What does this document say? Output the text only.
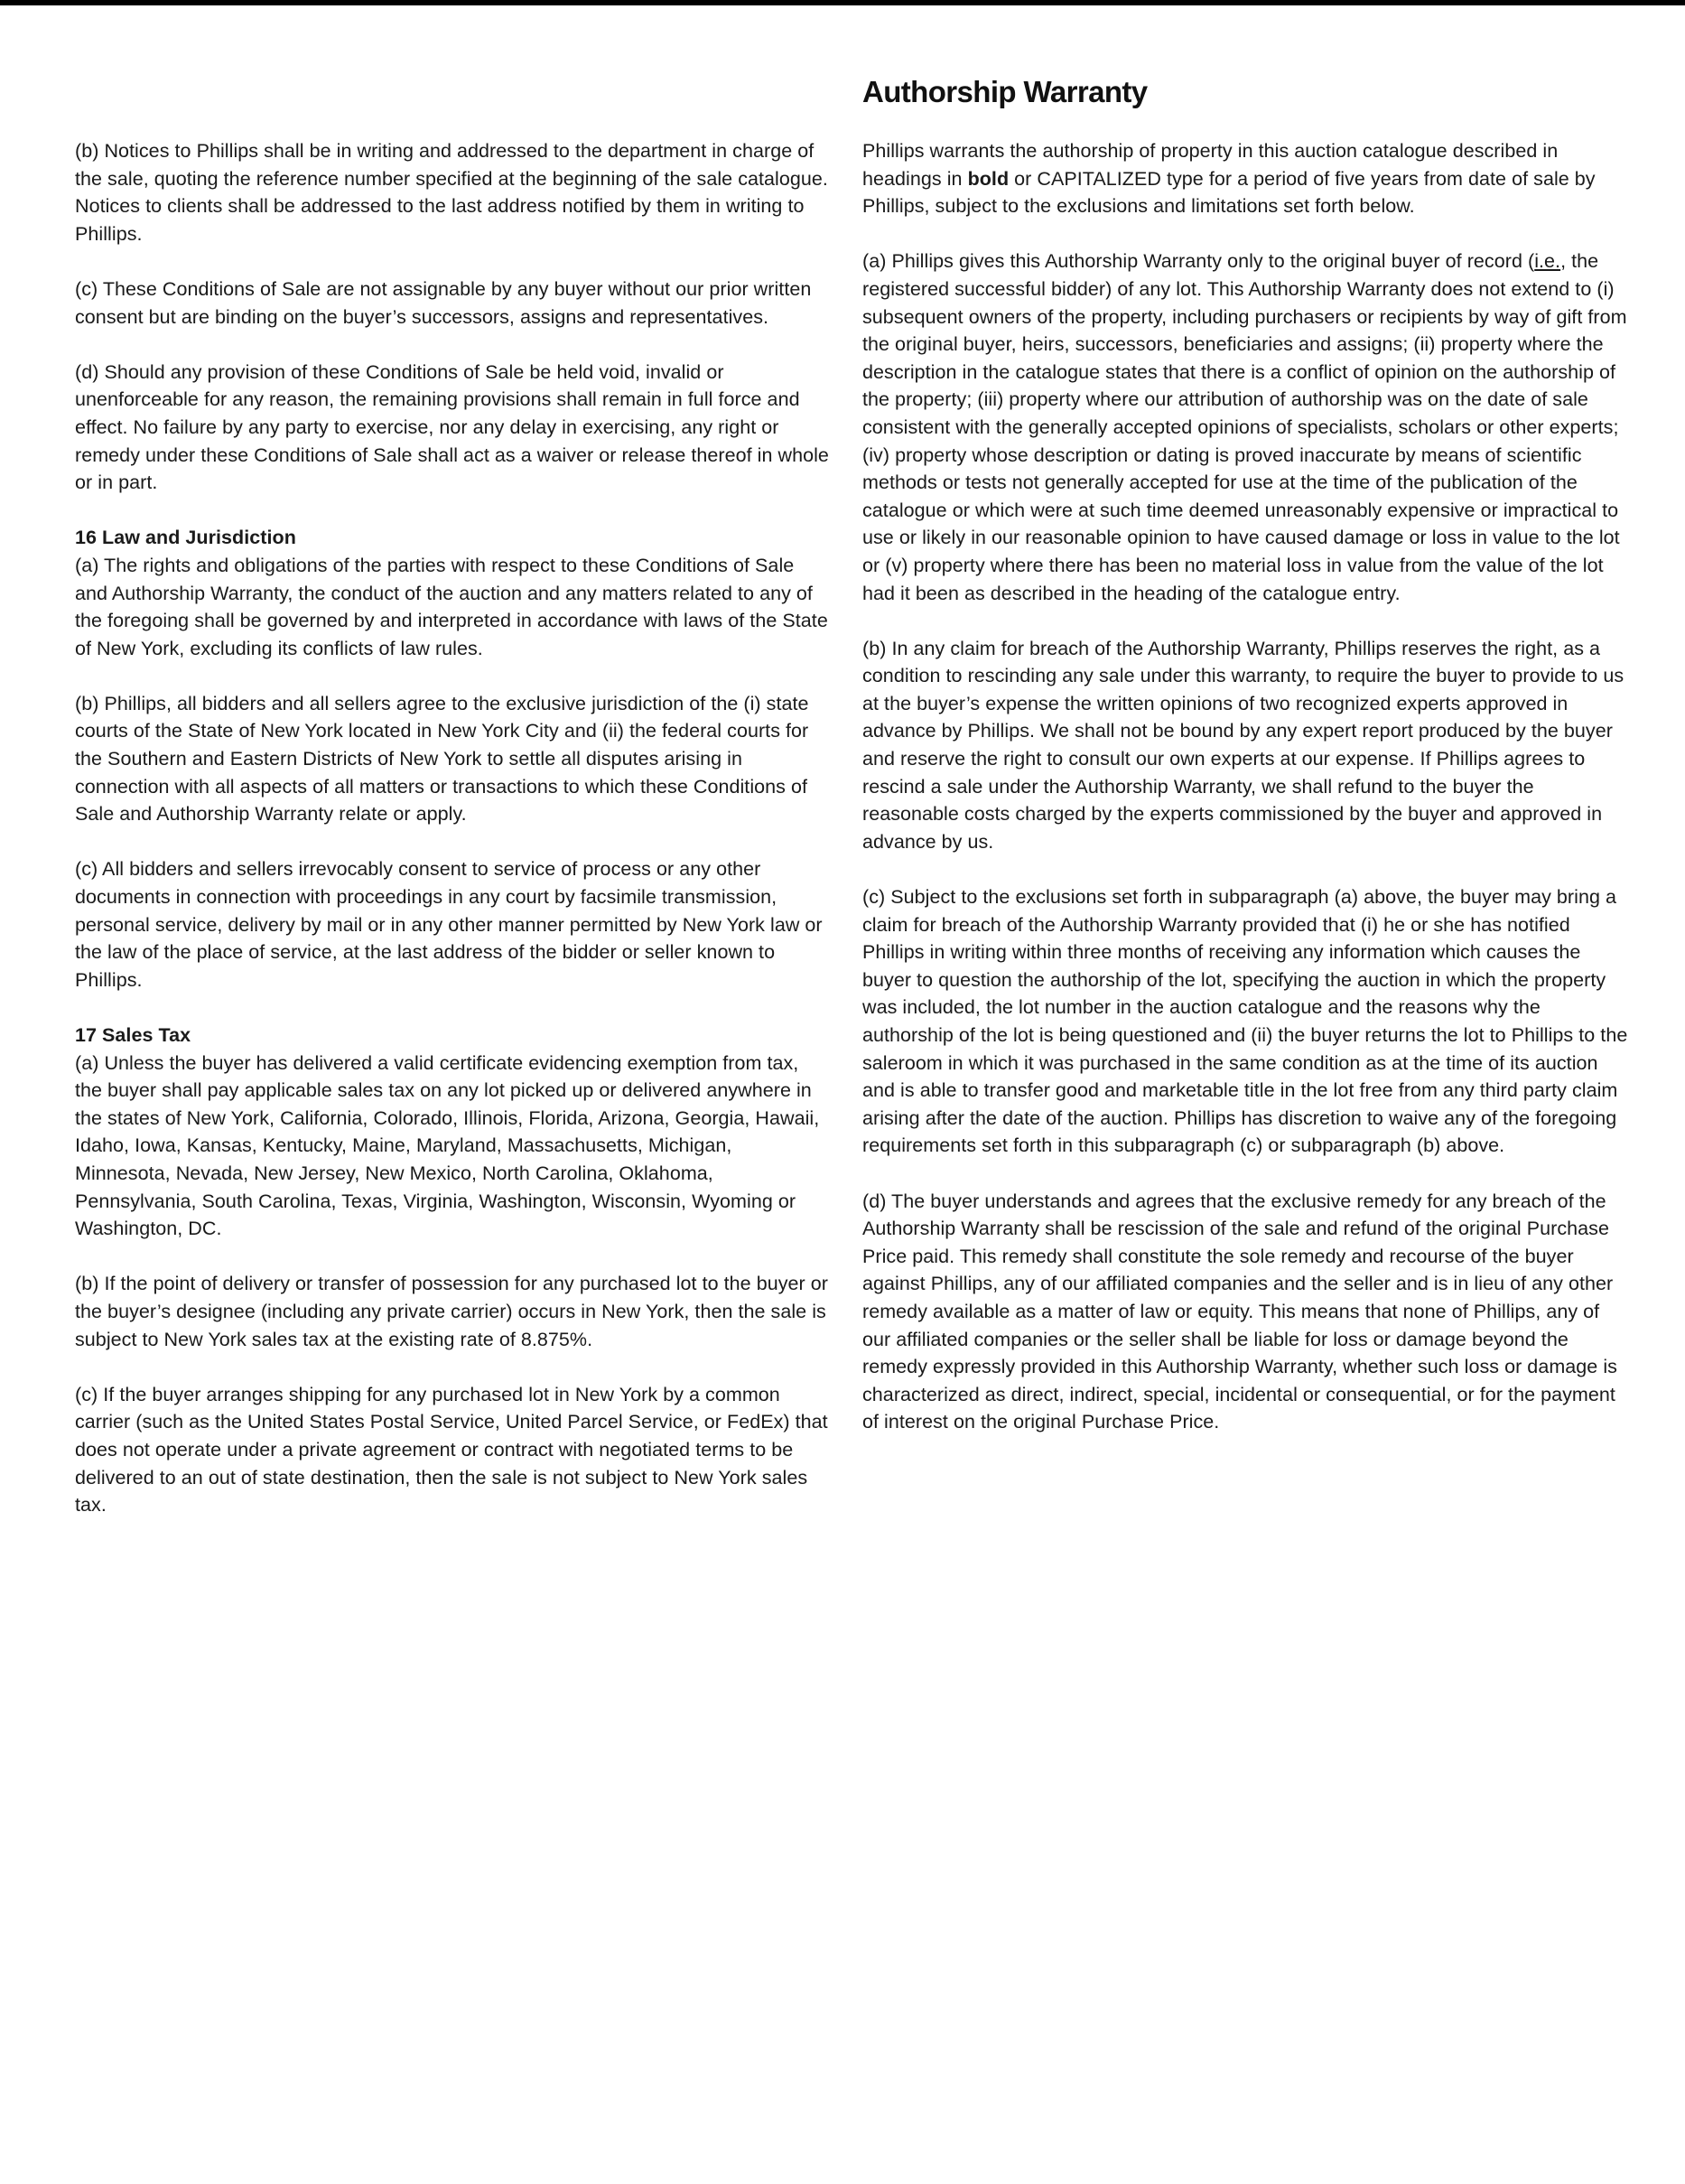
(b) Notices to Phillips shall be in writing and addressed to the department in charge of the sale, quoting the reference number specified at the beginning of the sale catalogue. Notices to clients shall be addressed to the last address notified by them in writing to Phillips.

(c) These Conditions of Sale are not assignable by any buyer without our prior written consent but are binding on the buyer’s successors, assigns and representatives.

(d) Should any provision of these Conditions of Sale be held void, invalid or unenforceable for any reason, the remaining provisions shall remain in full force and effect. No failure by any party to exercise, nor any delay in exercising, any right or remedy under these Conditions of Sale shall act as a waiver or release thereof in whole or in part.

16 Law and Jurisdiction
(a) The rights and obligations of the parties with respect to these Conditions of Sale and Authorship Warranty, the conduct of the auction and any matters related to any of the foregoing shall be governed by and interpreted in accordance with laws of the State of New York, excluding its conflicts of law rules.

(b) Phillips, all bidders and all sellers agree to the exclusive jurisdiction of the (i) state courts of the State of New York located in New York City and (ii) the federal courts for the Southern and Eastern Districts of New York to settle all disputes arising in connection with all aspects of all matters or transactions to which these Conditions of Sale and Authorship Warranty relate or apply.

(c) All bidders and sellers irrevocably consent to service of process or any other documents in connection with proceedings in any court by facsimile transmission, personal service, delivery by mail or in any other manner permitted by New York law or the law of the place of service, at the last address of the bidder or seller known to Phillips.

17 Sales Tax
(a) Unless the buyer has delivered a valid certificate evidencing exemption from tax, the buyer shall pay applicable sales tax on any lot picked up or delivered anywhere in the states of New York, California, Colorado, Illinois, Florida, Arizona, Georgia, Hawaii, Idaho, Iowa, Kansas, Kentucky, Maine, Maryland, Massachusetts, Michigan, Minnesota, Nevada, New Jersey, New Mexico, North Carolina, Oklahoma, Pennsylvania, South Carolina, Texas, Virginia, Washington, Wisconsin, Wyoming or Washington, DC.

(b) If the point of delivery or transfer of possession for any purchased lot to the buyer or the buyer’s designee (including any private carrier) occurs in New York, then the sale is subject to New York sales tax at the existing rate of 8.875%.

(c) If the buyer arranges shipping for any purchased lot in New York by a common carrier (such as the United States Postal Service, United Parcel Service, or FedEx) that does not operate under a private agreement or contract with negotiated terms to be delivered to an out of state destination, then the sale is not subject to New York sales tax.

Authorship Warranty

Phillips warrants the authorship of property in this auction catalogue described in headings in bold or CAPITALIZED type for a period of five years from date of sale by Phillips, subject to the exclusions and limitations set forth below.

(a) Phillips gives this Authorship Warranty only to the original buyer of record (i.e., the registered successful bidder) of any lot. This Authorship Warranty does not extend to (i) subsequent owners of the property, including purchasers or recipients by way of gift from the original buyer, heirs, successors, beneficiaries and assigns; (ii) property where the description in the catalogue states that there is a conflict of opinion on the authorship of the property; (iii) property where our attribution of authorship was on the date of sale consistent with the generally accepted opinions of specialists, scholars or other experts; (iv) property whose description or dating is proved inaccurate by means of scientific methods or tests not generally accepted for use at the time of the publication of the catalogue or which were at such time deemed unreasonably expensive or impractical to use or likely in our reasonable opinion to have caused damage or loss in value to the lot or (v) property where there has been no material loss in value from the value of the lot had it been as described in the heading of the catalogue entry.

(b) In any claim for breach of the Authorship Warranty, Phillips reserves the right, as a condition to rescinding any sale under this warranty, to require the buyer to provide to us at the buyer’s expense the written opinions of two recognized experts approved in advance by Phillips. We shall not be bound by any expert report produced by the buyer and reserve the right to consult our own experts at our expense. If Phillips agrees to rescind a sale under the Authorship Warranty, we shall refund to the buyer the reasonable costs charged by the experts commissioned by the buyer and approved in advance by us.

(c) Subject to the exclusions set forth in subparagraph (a) above, the buyer may bring a claim for breach of the Authorship Warranty provided that (i) he or she has notified Phillips in writing within three months of receiving any information which causes the buyer to question the authorship of the lot, specifying the auction in which the property was included, the lot number in the auction catalogue and the reasons why the authorship of the lot is being questioned and (ii) the buyer returns the lot to Phillips to the saleroom in which it was purchased in the same condition as at the time of its auction and is able to transfer good and marketable title in the lot free from any third party claim arising after the date of the auction. Phillips has discretion to waive any of the foregoing requirements set forth in this subparagraph (c) or subparagraph (b) above.

(d) The buyer understands and agrees that the exclusive remedy for any breach of the Authorship Warranty shall be rescission of the sale and refund of the original Purchase Price paid. This remedy shall constitute the sole remedy and recourse of the buyer against Phillips, any of our affiliated companies and the seller and is in lieu of any other remedy available as a matter of law or equity. This means that none of Phillips, any of our affiliated companies or the seller shall be liable for loss or damage beyond the remedy expressly provided in this Authorship Warranty, whether such loss or damage is characterized as direct, indirect, special, incidental or consequential, or for the payment of interest on the original Purchase Price.
